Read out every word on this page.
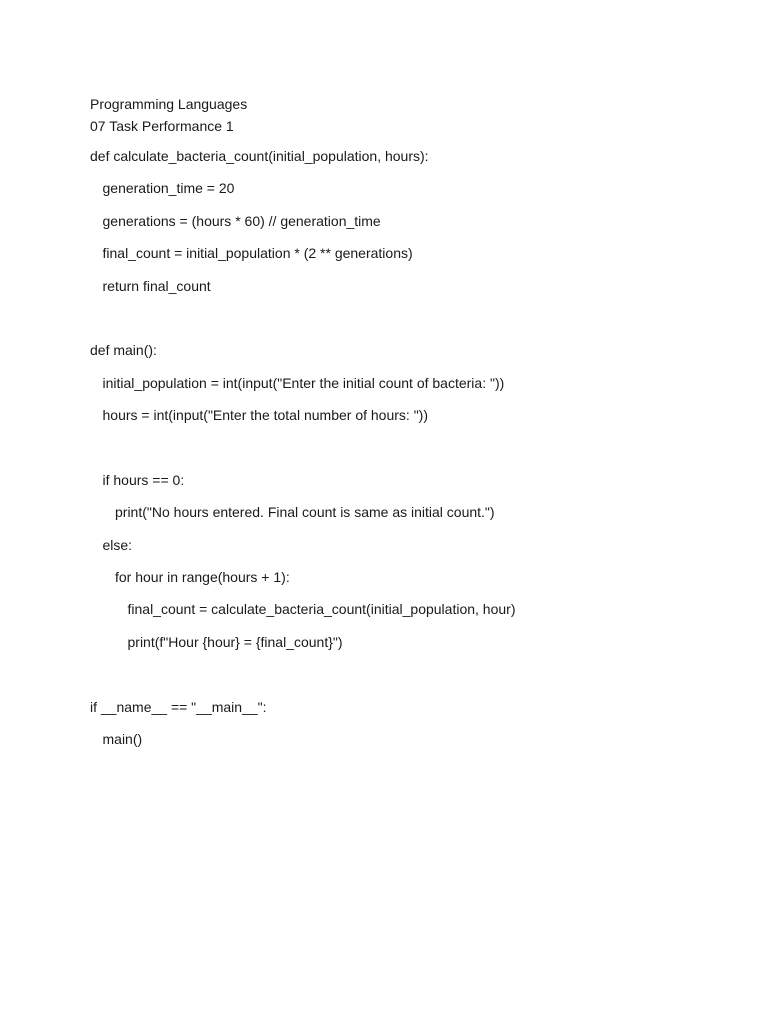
Programming Languages
07 Task Performance 1
def calculate_bacteria_count(initial_population, hours):
generation_time = 20
generations = (hours * 60) // generation_time
final_count = initial_population * (2 ** generations)
return final_count
def main():
initial_population = int(input("Enter the initial count of bacteria: "))
hours = int(input("Enter the total number of hours: "))
if hours == 0:
print("No hours entered. Final count is same as initial count.")
else:
for hour in range(hours + 1):
final_count = calculate_bacteria_count(initial_population, hour)
print(f"Hour {hour} = {final_count}")
if __name__ == "__main__":
main()
